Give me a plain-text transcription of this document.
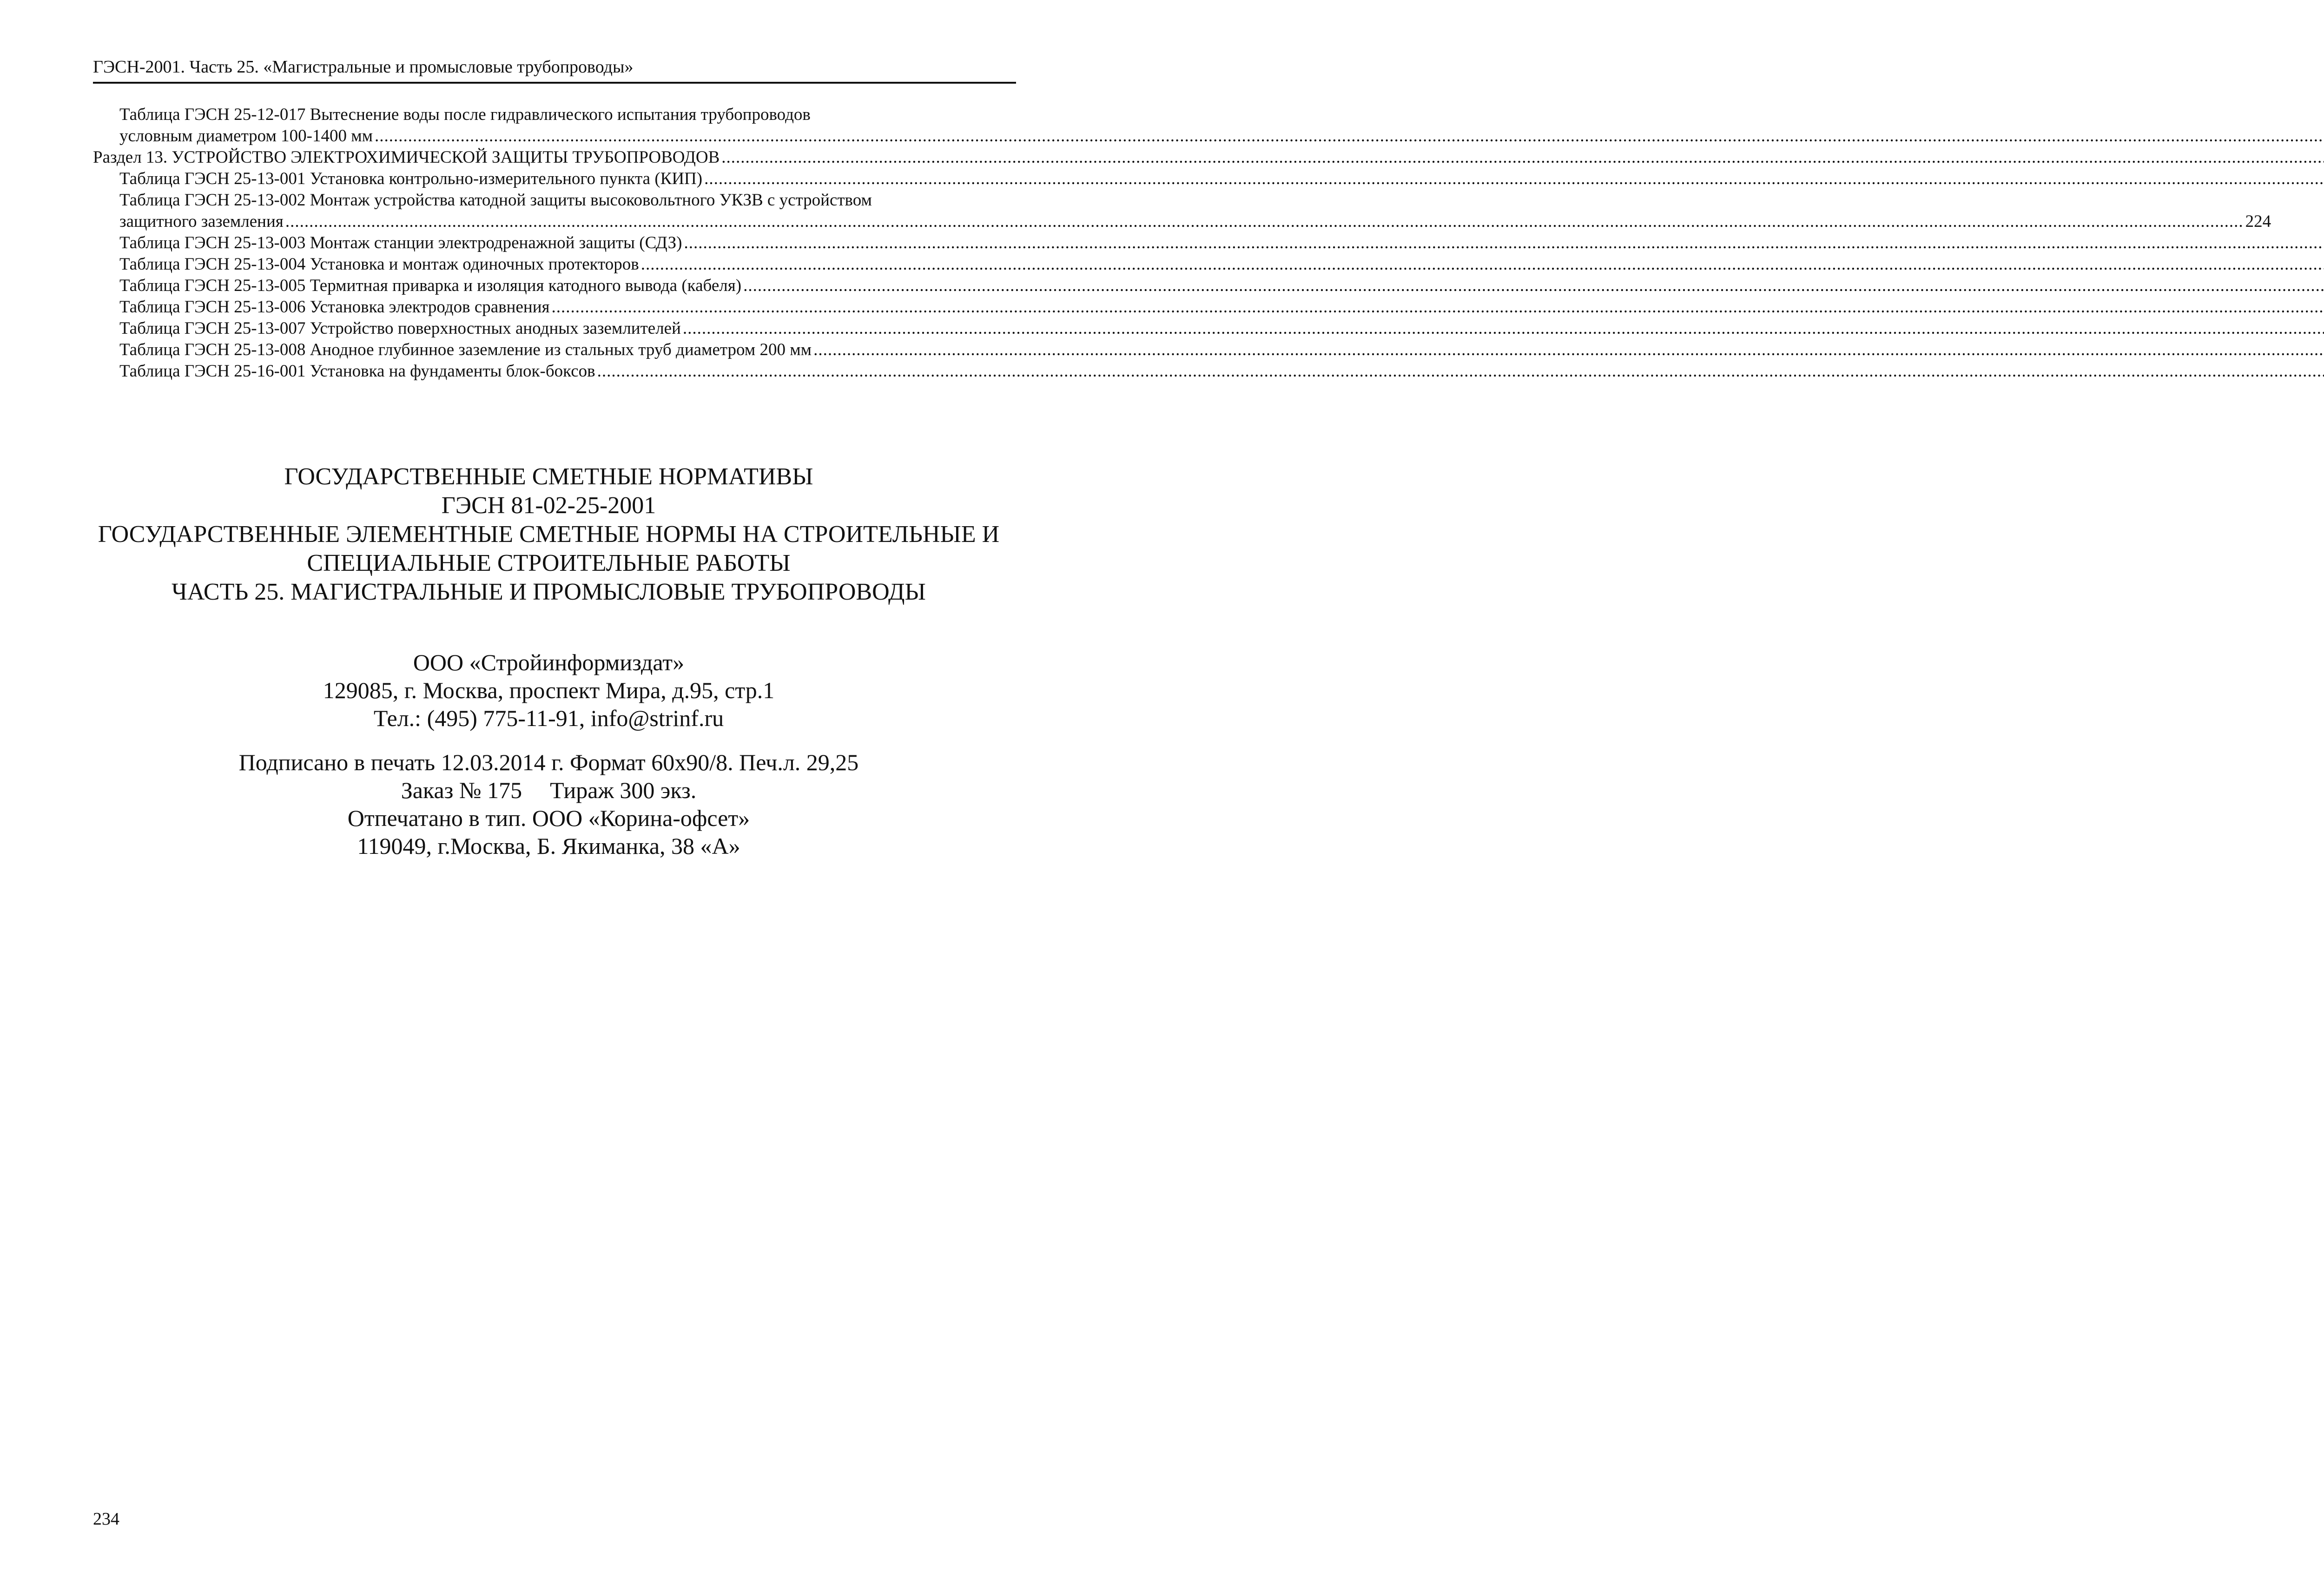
ГЭСН-2001. Часть 25. «Магистральные и промысловые трубопроводы»
Таблица ГЭСН 25-12-017 Вытеснение воды после гидравлического испытания трубопроводов
условным диаметром 100-1400 мм
.....
Раздел 13. УСТРОЙСТВО ЭЛЕКТРОХИМИЧЕСКОЙ ЗАЩИТЫ ТРУБОПРОВОДОВ
.....
Таблица ГЭСН 25-13-001 Установка контрольно-измерительного пункта (КИП)
.....
Таблица ГЭСН 25-13-002 Монтаж устройства катодной защиты высоковольтного УКЗВ с устройством
защитного заземления
.....	224
Таблица ГЭСН 25-13-003 Монтаж станции электродренажной защиты (СДЗ)
.....
Таблица ГЭСН 25-13-004 Установка и монтаж одиночных протекторов
.....
Таблица ГЭСН 25-13-005 Термитная приварка и изоляция катодного вывода (кабеля)
.....
Таблица ГЭСН 25-13-006 Установка электродов сравнения
.....
Таблица ГЭСН 25-13-007 Устройство поверхностных анодных заземлителей
.....
Таблица ГЭСН 25-13-008 Анодное глубинное заземление из стальных труб диаметром 200 мм
.....
Таблица ГЭСН 25-16-001 Установка на фундаменты блок-боксов
.....
ГОСУДАРСТВЕННЫЕ СМЕТНЫЕ НОРМАТИВЫ
ГЭСН 81-02-25-2001
ГОСУДАРСТВЕННЫЕ ЭЛЕМЕНТНЫЕ СМЕТНЫЕ НОРМЫ НА СТРОИТЕЛЬНЫЕ И
СПЕЦИАЛЬНЫЕ СТРОИТЕЛЬНЫЕ РАБОТЫ
ЧАСТЬ 25. МАГИСТРАЛЬНЫЕ И ПРОМЫСЛОВЫЕ ТРУБОПРОВОДЫ
ООО «Стройинформиздат»
129085, г. Москва, проспект Мира, д.95, стр.1
Тел.: (495) 775-11-91, info@strinf.ru
Подписано в печать 12.03.2014 г. Формат 60x90/8. Печ.л. 29,25
Заказ № 175 Тираж 300 экз.
Отпечатано в тип. ООО «Корина-офсет»
119049, г.Москва, Б. Якиманка, 38 «А»
234
